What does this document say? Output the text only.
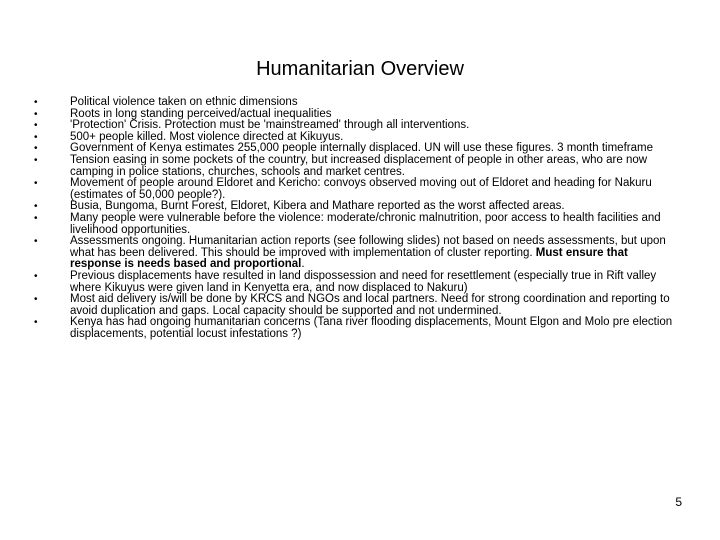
Humanitarian Overview
•	Political violence taken on ethnic dimensions
•	Roots in long standing perceived/actual inequalities
•	'Protection' Crisis. Protection must be 'mainstreamed' through all interventions.
•	500+ people killed. Most violence directed at Kikuyus.
•	Government of Kenya estimates 255,000 people internally displaced. UN will use these figures. 3 month timeframe
•	Tension easing in some pockets of the country, but increased displacement of people in other areas, who are now camping in police stations, churches, schools and market centres.
•	Movement of people around Eldoret and Kericho: convoys observed moving out of Eldoret and heading for Nakuru (estimates of 50,000 people?).
•	Busia, Bungoma, Burnt Forest, Eldoret, Kibera and Mathare reported as the worst affected areas.
•	Many people were vulnerable before the violence: moderate/chronic malnutrition, poor access to health facilities and livelihood opportunities.
•	Assessments ongoing. Humanitarian action reports (see following slides) not based on needs assessments, but upon what has been delivered. This should be improved with implementation of cluster reporting. Must ensure that response is needs based and proportional.
•	Previous displacements have resulted in land dispossession and need for resettlement (especially true in Rift valley where Kikuyus were given land in Kenyetta era, and now displaced to Nakuru)
•	Most aid delivery is/will be done by KRCS and NGOs and local partners. Need for strong coordination and reporting to avoid duplication and gaps. Local capacity should be supported and not undermined.
•	Kenya has had ongoing humanitarian concerns (Tana river flooding displacements, Mount Elgon and Molo pre election displacements, potential locust infestations ?)
5
